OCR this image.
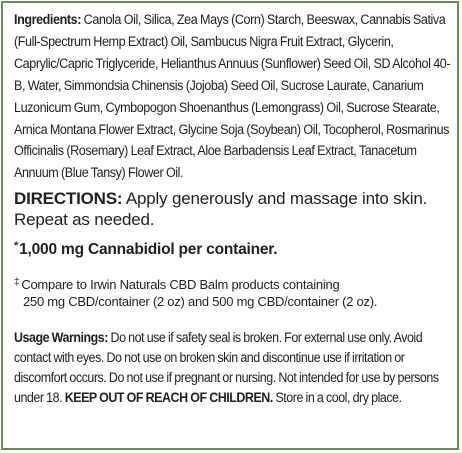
Ingredients: Canola Oil, Silica, Zea Mays (Corn) Starch, Beeswax, Cannabis Sativa (Full-Spectrum Hemp Extract) Oil, Sambucus Nigra Fruit Extract, Glycerin, Caprylic/Capric Triglyceride, Helianthus Annuus (Sunflower) Seed Oil, SD Alcohol 40-B, Water, Simmondsia Chinensis (Jojoba) Seed Oil, Sucrose Laurate, Canarium Luzonicum Gum, Cymbopogon Shoenanthus (Lemongrass) Oil, Sucrose Stearate, Arnica Montana Flower Extract, Glycine Soja (Soybean) Oil, Tocopherol, Rosmarinus Officinalis (Rosemary) Leaf Extract, Aloe Barbadensis Leaf Extract, Tanacetum Annuum (Blue Tansy) Flower Oil.
DIRECTIONS: Apply generously and massage into skin. Repeat as needed.
*1,000 mg Cannabidiol per container.
‡ Compare to Irwin Naturals CBD Balm products containing
250 mg CBD/container (2 oz) and 500 mg CBD/container (2 oz).
Usage Warnings: Do not use if safety seal is broken. For external use only. Avoid contact with eyes. Do not use on broken skin and discontinue use if irritation or discomfort occurs. Do not use if pregnant or nursing. Not intended for use by persons under 18. KEEP OUT OF REACH OF CHILDREN. Store in a cool, dry place.
